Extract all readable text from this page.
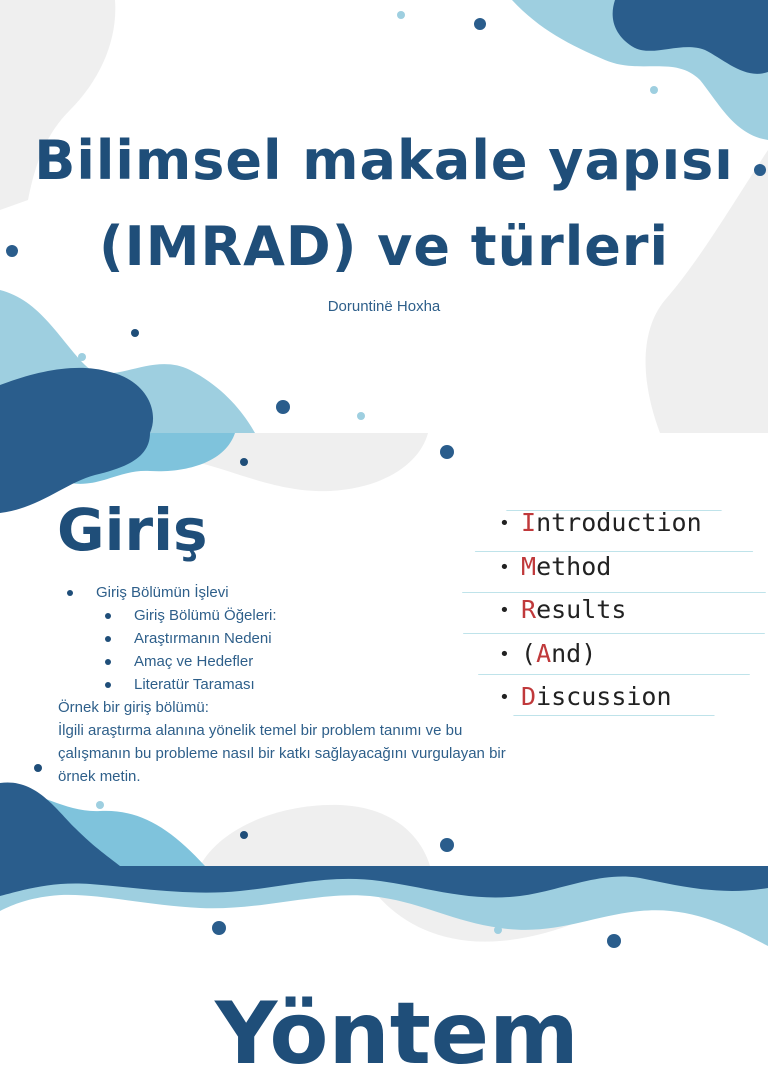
Bilimsel makale yapısı
(IMRAD) ve türleri
Doruntinë Hoxha
Giriş
Giriş Bölümün İşlevi
Giriş Bölümü Öğeleri:
Araştırmanın Nedeni
Amaç ve Hedefler
Literatür Taraması
Örnek bir giriş bölümü:
İlgili araştırma alanına yönelik temel bir problem tanımı ve bu çalışmanın bu probleme nasıl bir katkı sağlayacağını vurgulayan bir örnek metin.
• Introduction
• Method
• Results
• (And)
• Discussion
Yöntem
